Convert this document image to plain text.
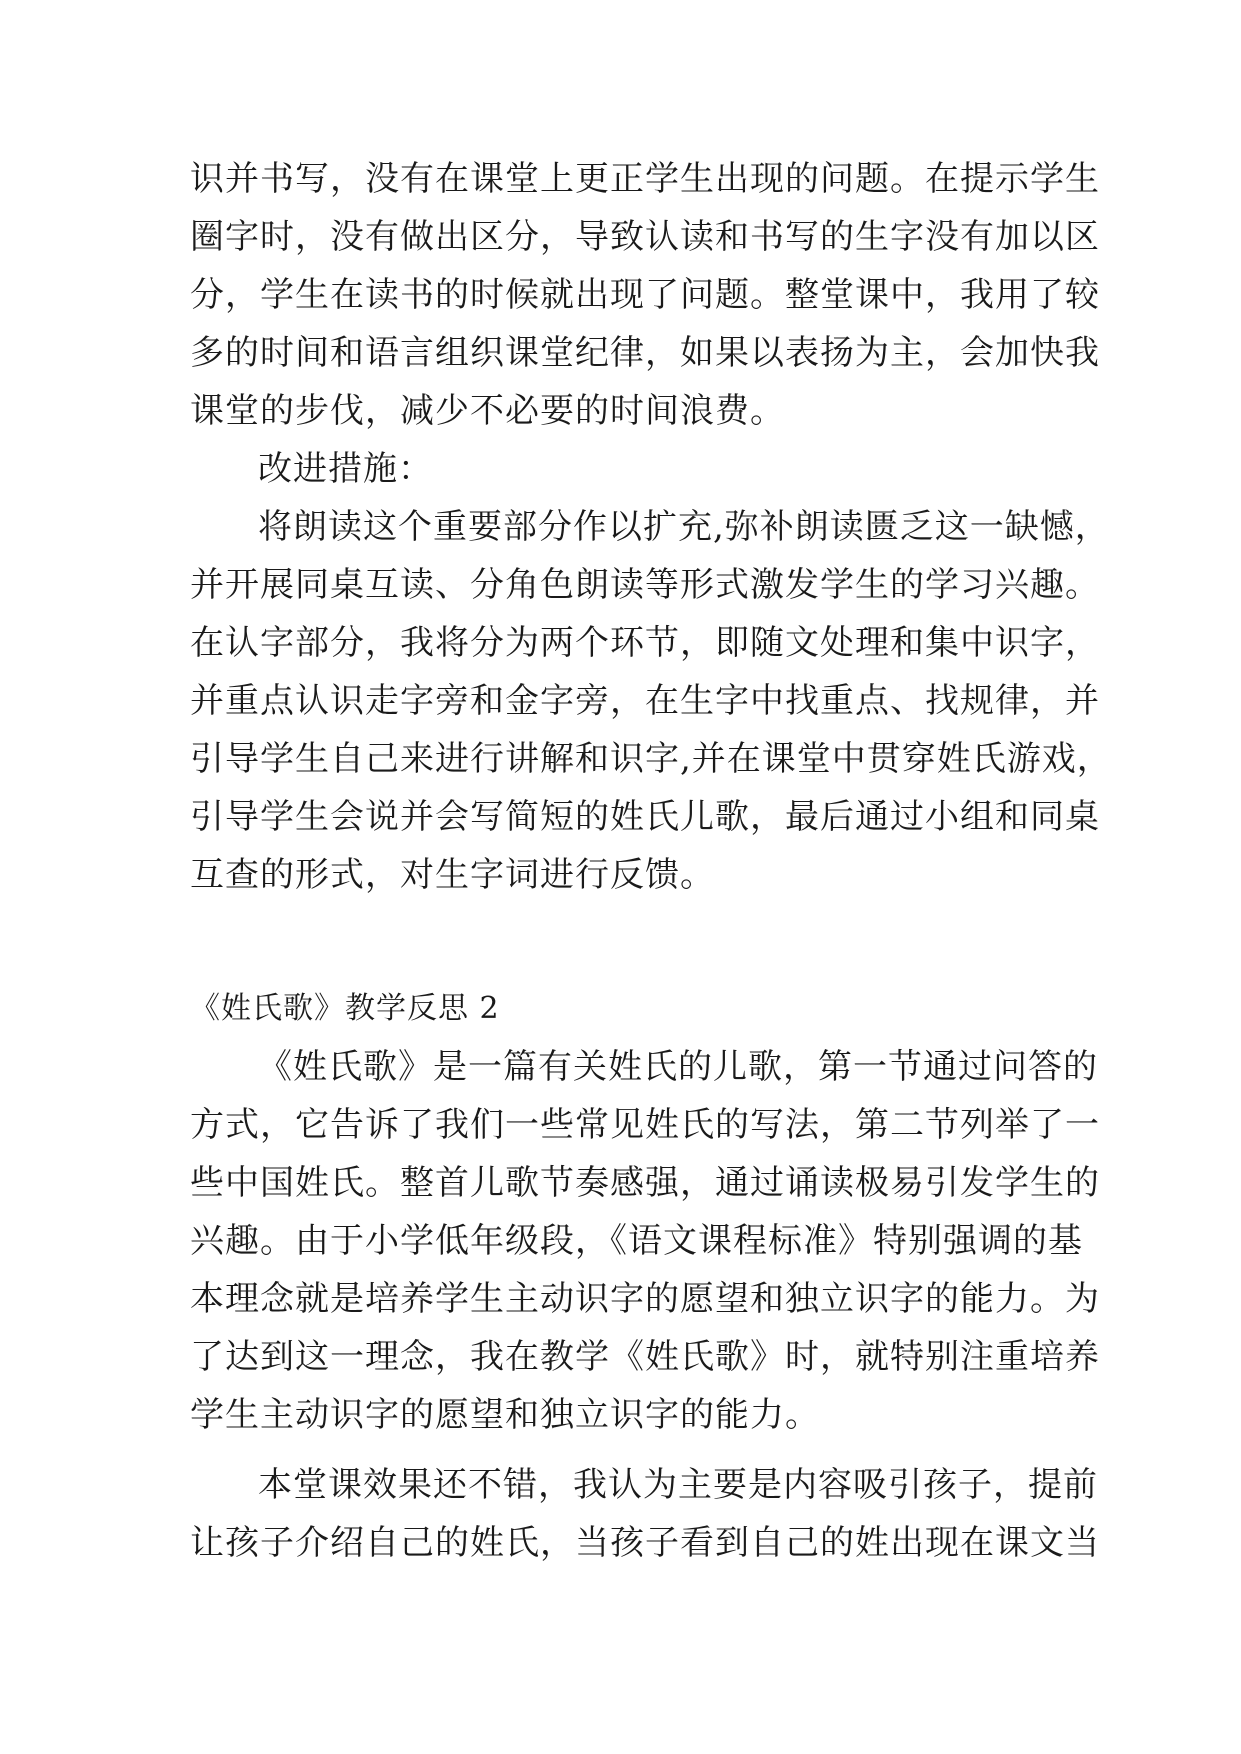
识并书写，没有在课堂上更正学生出现的问题。在提示学生
圈字时，没有做出区分，导致认读和书写的生字没有加以区
分，学生在读书的时候就出现了问题。整堂课中，我用了较
多的时间和语言组织课堂纪律，如果以表扬为主，会加快我
课堂的步伐，减少不必要的时间浪费。
改进措施：
将朗读这个重要部分作以扩充,弥补朗读匮乏这一缺憾，
并开展同桌互读、分角色朗读等形式激发学生的学习兴趣。
在认字部分，我将分为两个环节，即随文处理和集中识字，
并重点认识走字旁和金字旁，在生字中找重点、找规律，并
引导学生自己来进行讲解和识字,并在课堂中贯穿姓氏游戏，
引导学生会说并会写简短的姓氏儿歌，最后通过小组和同桌
互查的形式，对生字词进行反馈。
《姓氏歌》教学反思 2
《姓氏歌》是一篇有关姓氏的儿歌，第一节通过问答的
方式，它告诉了我们一些常见姓氏的写法，第二节列举了一
些中国姓氏。整首儿歌节奏感强，通过诵读极易引发学生的
兴趣。由于小学低年级段，《语文课程标准》特别强调的基
本理念就是培养学生主动识字的愿望和独立识字的能力。为
了达到这一理念，我在教学《姓氏歌》时，就特别注重培养
学生主动识字的愿望和独立识字的能力。
本堂课效果还不错，我认为主要是内容吸引孩子，提前
让孩子介绍自己的姓氏，当孩子看到自己的姓出现在课文当
